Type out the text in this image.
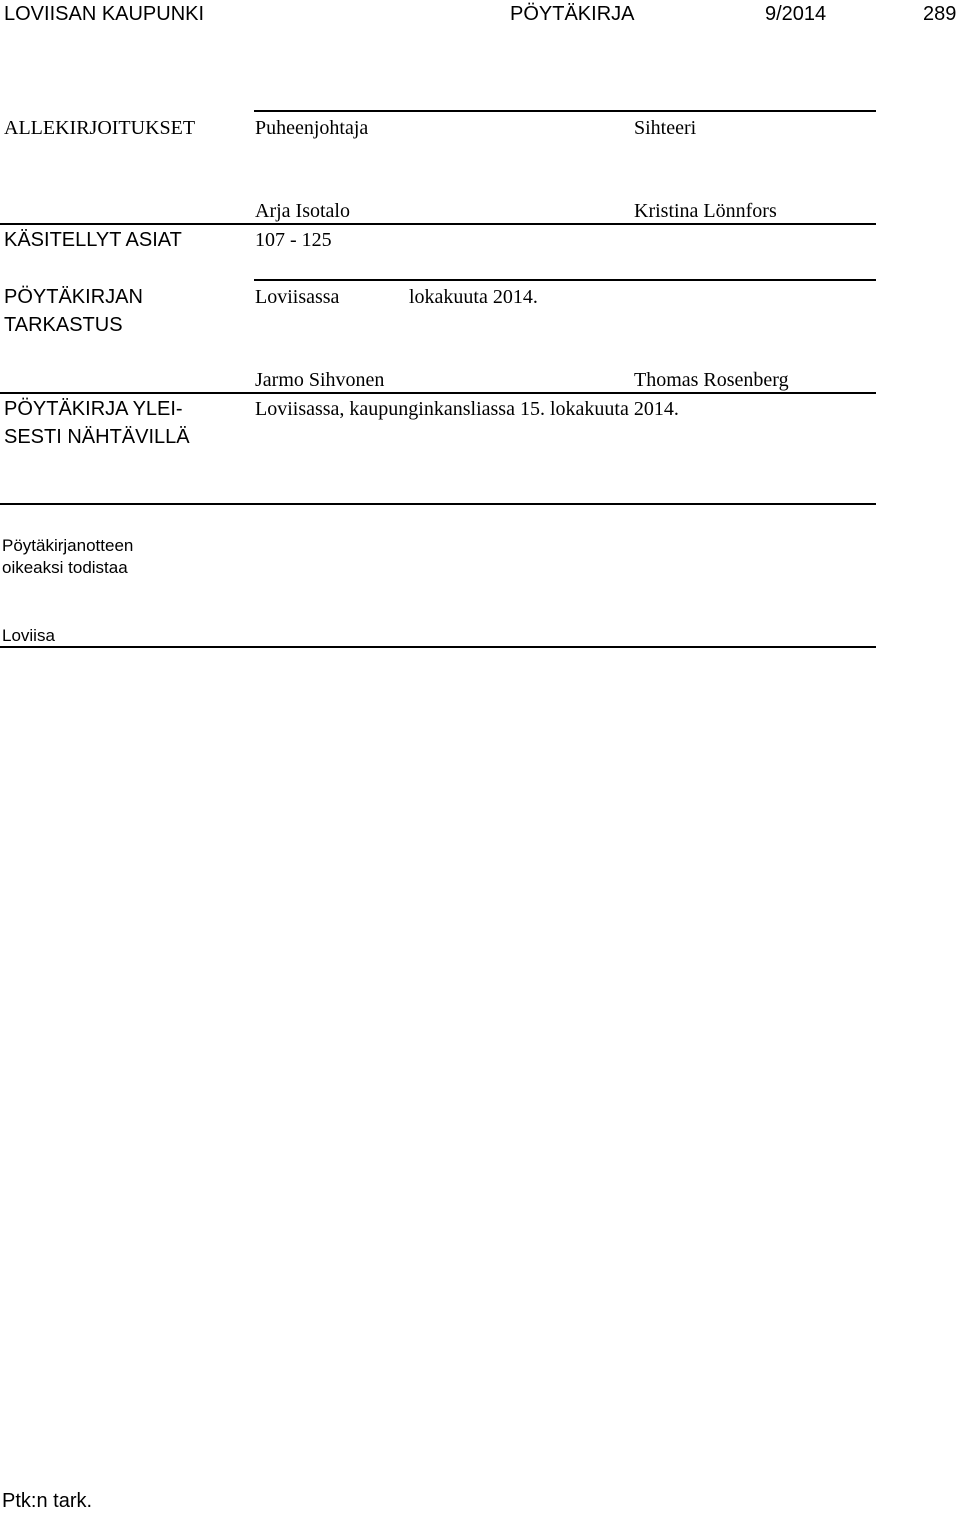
LOVIISAN KAUPUNKI	PÖYTÄKIRJA	9/2014	289
ALLEKIRJOITUKSET	Puheenjohtaja	Sihteeri
Arja Isotalo	Kristina Lönnfors
KÄSITELLYT ASIAT	107 - 125
PÖYTÄKIRJAN
TARKASTUS
Loviisassa	lokakuuta 2014.
Jarmo Sihvonen	Thomas Rosenberg
PÖYTÄKIRJA YLEI-
SESTI NÄHTÄVILLÄ
Loviisassa, kaupunginkansliassa 15. lokakuuta 2014.
Pöytäkirjanotteen
oikeaksi todistaa
Loviisa
Ptk:n tark.
